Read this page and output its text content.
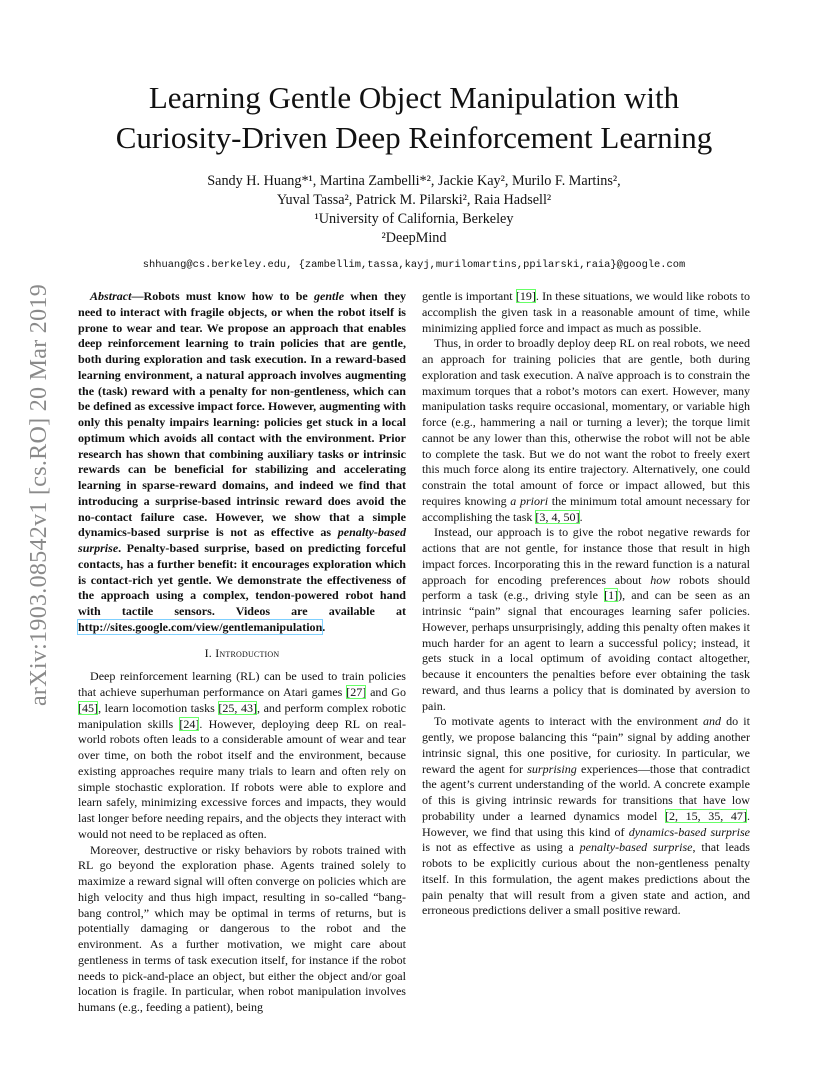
arXiv:1903.08542v1 [cs.RO] 20 Mar 2019
Learning Gentle Object Manipulation with
Curiosity-Driven Deep Reinforcement Learning
Sandy H. Huang*¹, Martina Zambelli*², Jackie Kay², Murilo F. Martins²,
Yuval Tassa², Patrick M. Pilarski², Raia Hadsell²
¹University of California, Berkeley
²DeepMind
shhuang@cs.berkeley.edu, {zambellim,tassa,kayj,murilomartins,ppilarski,raia}@google.com

Abstract—Robots must know how to be gentle when they need to interact with fragile objects, or when the robot itself is prone to wear and tear. We propose an approach that enables deep reinforcement learning to train policies that are gentle, both during exploration and task execution. In a reward-based learning environment, a natural approach involves augmenting the (task) reward with a penalty for non-gentleness, which can be defined as excessive impact force. However, augmenting with only this penalty impairs learning: policies get stuck in a local optimum which avoids all contact with the environment. Prior research has shown that combining auxiliary tasks or intrinsic rewards can be beneficial for stabilizing and accelerating learning in sparse-reward domains, and indeed we find that introducing a surprise-based intrinsic reward does avoid the no-contact failure case. However, we show that a simple dynamics-based surprise is not as effective as penalty-based surprise. Penalty-based surprise, based on predicting forceful contacts, has a further benefit: it encourages exploration which is contact-rich yet gentle. We demonstrate the effectiveness of the approach using a complex, tendon-powered robot hand with tactile sensors. Videos are available at http://sites.google.com/view/gentlemanipulation.

I. Introduction

Deep reinforcement learning (RL) can be used to train policies that achieve superhuman performance on Atari games [27] and Go [45], learn locomotion tasks [25, 43], and perform complex robotic manipulation skills [24]. However, deploying deep RL on real-world robots often leads to a considerable amount of wear and tear over time, on both the robot itself and the environment, because existing approaches require many trials to learn and often rely on simple stochastic exploration. If robots were able to explore and learn safely, minimizing excessive forces and impacts, they would last longer before needing repairs, and the objects they interact with would not need to be replaced as often.

Moreover, destructive or risky behaviors by robots trained with RL go beyond the exploration phase. Agents trained solely to maximize a reward signal will often converge on policies which are high velocity and thus high impact, resulting in so-called “bang-bang control,” which may be optimal in terms of returns, but is potentially damaging or dangerous to the robot and the environment. As a further motivation, we might care about gentleness in terms of task execution itself, for instance if the robot needs to pick-and-place an object, but either the object and/or goal location is fragile. In particular, when robot manipulation involves humans (e.g., feeding a patient), being

gentle is important [19]. In these situations, we would like robots to accomplish the given task in a reasonable amount of time, while minimizing applied force and impact as much as possible.

Thus, in order to broadly deploy deep RL on real robots, we need an approach for training policies that are gentle, both during exploration and task execution. A naïve approach is to constrain the maximum torques that a robot’s motors can exert. However, many manipulation tasks require occasional, momentary, or variable high force (e.g., hammering a nail or turning a lever); the torque limit cannot be any lower than this, otherwise the robot will not be able to complete the task. But we do not want the robot to freely exert this much force along its entire trajectory. Alternatively, one could constrain the total amount of force or impact allowed, but this requires knowing a priori the minimum total amount necessary for accomplishing the task [3, 4, 50].

Instead, our approach is to give the robot negative rewards for actions that are not gentle, for instance those that result in high impact forces. Incorporating this in the reward function is a natural approach for encoding preferences about how robots should perform a task (e.g., driving style [1]), and can be seen as an intrinsic “pain” signal that encourages learning safer policies. However, perhaps unsurprisingly, adding this penalty often makes it much harder for an agent to learn a successful policy; instead, it gets stuck in a local optimum of avoiding contact altogether, because it encounters the penalties before ever obtaining the task reward, and thus learns a policy that is dominated by aversion to pain.

To motivate agents to interact with the environment and do it gently, we propose balancing this “pain” signal by adding another intrinsic signal, this one positive, for curiosity. In particular, we reward the agent for surprising experiences—those that contradict the agent’s current understanding of the world. A concrete example of this is giving intrinsic rewards for transitions that have low probability under a learned dynamics model [2, 15, 35, 47]. However, we find that using this kind of dynamics-based surprise is not as effective as using a penalty-based surprise, that leads robots to be explicitly curious about the non-gentleness penalty itself. In this formulation, the agent makes predictions about the pain penalty that will result from a given state and action, and erroneous predictions deliver a small positive reward.
